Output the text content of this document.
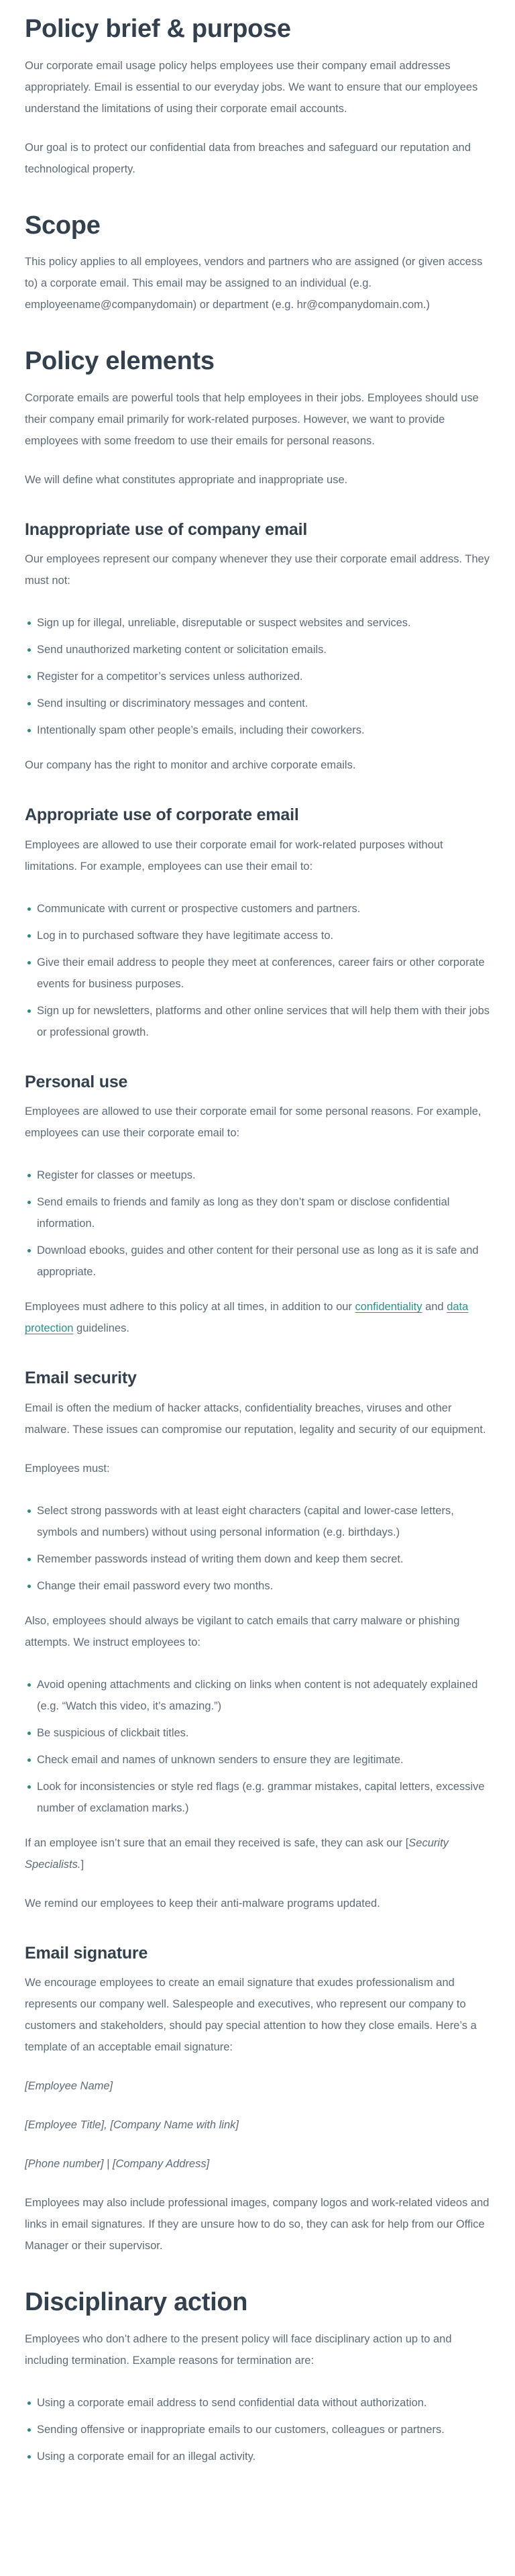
Policy brief & purpose

Our corporate email usage policy helps employees use their company email addresses appropriately. Email is essential to our everyday jobs. We want to ensure that our employees understand the limitations of using their corporate email accounts.

Our goal is to protect our confidential data from breaches and safeguard our reputation and technological property.

Scope

This policy applies to all employees, vendors and partners who are assigned (or given access to) a corporate email. This email may be assigned to an individual (e.g. employeename@companydomain) or department (e.g. hr@companydomain.com.)

Policy elements

Corporate emails are powerful tools that help employees in their jobs. Employees should use their company email primarily for work-related purposes. However, we want to provide employees with some freedom to use their emails for personal reasons.

We will define what constitutes appropriate and inappropriate use.

Inappropriate use of company email

Our employees represent our company whenever they use their corporate email address. They must not:

Sign up for illegal, unreliable, disreputable or suspect websites and services.
Send unauthorized marketing content or solicitation emails.
Register for a competitor’s services unless authorized.
Send insulting or discriminatory messages and content.
Intentionally spam other people’s emails, including their coworkers.

Our company has the right to monitor and archive corporate emails.

Appropriate use of corporate email

Employees are allowed to use their corporate email for work-related purposes without limitations. For example, employees can use their email to:

Communicate with current or prospective customers and partners.
Log in to purchased software they have legitimate access to.
Give their email address to people they meet at conferences, career fairs or other corporate events for business purposes.
Sign up for newsletters, platforms and other online services that will help them with their jobs or professional growth.
Personal use

Employees are allowed to use their corporate email for some personal reasons. For example, employees can use their corporate email to:

Register for classes or meetups.
Send emails to friends and family as long as they don’t spam or disclose confidential information.
Download ebooks, guides and other content for their personal use as long as it is safe and appropriate.

Employees must adhere to this policy at all times, in addition to our confidentiality and data protection guidelines.

Email security

Email is often the medium of hacker attacks, confidentiality breaches, viruses and other malware. These issues can compromise our reputation, legality and security of our equipment.

Employees must:

Select strong passwords with at least eight characters (capital and lower-case letters, symbols and numbers) without using personal information (e.g. birthdays.)
Remember passwords instead of writing them down and keep them secret.
Change their email password every two months.

Also, employees should always be vigilant to catch emails that carry malware or phishing attempts. We instruct employees to:

Avoid opening attachments and clicking on links when content is not adequately explained (e.g. “Watch this video, it’s amazing.”)
Be suspicious of clickbait titles.
Check email and names of unknown senders to ensure they are legitimate.
Look for inconsistencies or style red flags (e.g. grammar mistakes, capital letters, excessive number of exclamation marks.)

If an employee isn’t sure that an email they received is safe, they can ask our [Security Specialists.]

We remind our employees to keep their anti-malware programs updated.

Email signature

We encourage employees to create an email signature that exudes professionalism and represents our company well. Salespeople and executives, who represent our company to customers and stakeholders, should pay special attention to how they close emails. Here’s a template of an acceptable email signature:

[Employee Name]

[Employee Title], [Company Name with link]

[Phone number] | [Company Address]

Employees may also include professional images, company logos and work-related videos and links in email signatures. If they are unsure how to do so, they can ask for help from our Office Manager or their supervisor.

Disciplinary action

Employees who don’t adhere to the present policy will face disciplinary action up to and including termination. Example reasons for termination are:

Using a corporate email address to send confidential data without authorization.
Sending offensive or inappropriate emails to our customers, colleagues or partners.
Using a corporate email for an illegal activity.
